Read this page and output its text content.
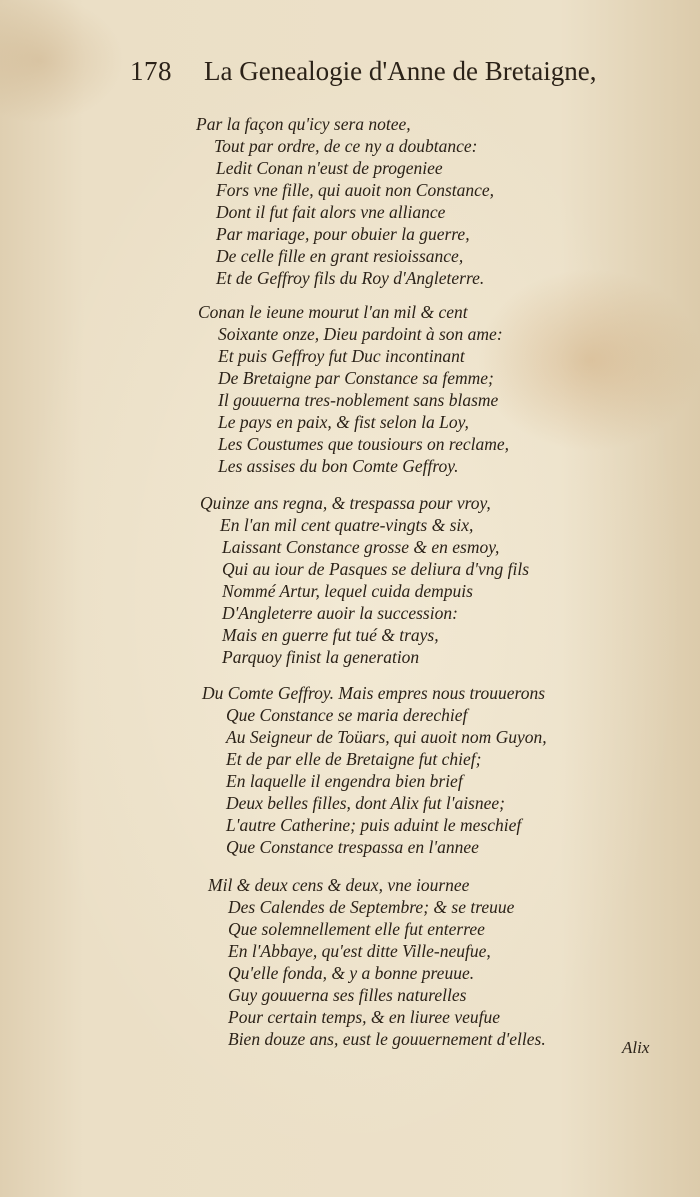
178 La Genealogie d'Anne de Bretaigne,
Par la façon qu'icy sera notee,
Tout par ordre, de ce ny a doubtance:
Ledit Conan n'eust de progeniee
Fors vne fille, qui auoit non Constance,
Dont il fut fait alors vne alliance
Par mariage, pour obuier la guerre,
De celle fille en grant resioissance,
Et de Geffroy fils du Roy d'Angleterre.
Conan le ieune mourut l'an mil & cent
Soixante onze, Dieu pardoint à son ame:
Et puis Geffroy fut Duc incontinant
De Bretaigne par Constance sa femme;
Il gouuerna tres-noblement sans blasme
Le pays en paix, & fist selon la Loy,
Les Coustumes que tousiours on reclame,
Les assises du bon Comte Geffroy.
Quinze ans regna, & trespassa pour vroy,
En l'an mil cent quatre-vingts & six,
Laissant Constance grosse & en esmoy,
Qui au iour de Pasques se deliura d'vng fils
Nommé Artur, lequel cuida dempuis
D'Angleterre auoir la succession:
Mais en guerre fut tué & trays,
Parquoy finist la generation
Du Comte Geffroy. Mais empres nous trouuerons
Que Constance se maria derechief
Au Seigneur de Toüars, qui auoit nom Guyon,
Et de par elle de Bretaigne fut chief;
En laquelle il engendra bien brief
Deux belles filles, dont Alix fut l'aisnee;
L'autre Catherine; puis aduint le meschief
Que Constance trespassa en l'annee
Mil & deux cens & deux, vne iournee
Des Calendes de Septembre; & se treuue
Que solemnellement elle fut enterree
En l'Abbaye, qu'est ditte Ville-neufue,
Qu'elle fonda, & y a bonne preuue.
Guy gouuerna ses filles naturelles
Pour certain temps, & en liuree veufue
Bien douze ans, eust le gouuernement d'elles.	Alix
